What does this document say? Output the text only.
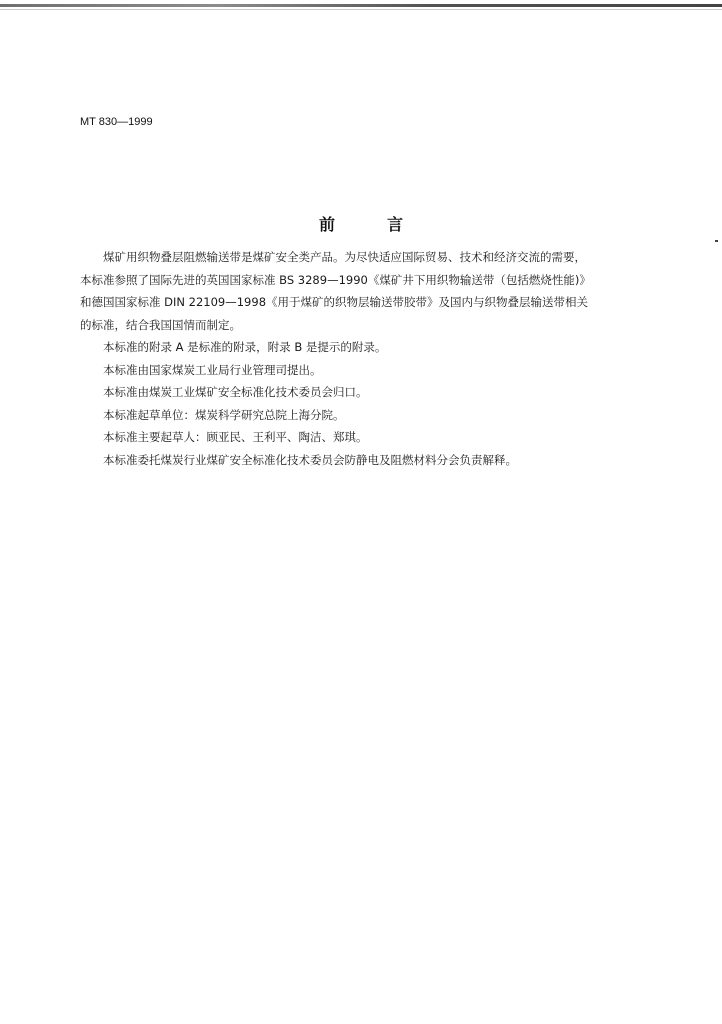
MT 830—1999
前	言

煤矿用织物叠层阻燃输送带是煤矿安全类产品。为尽快适应国际贸易、技术和经济交流的需要，

本标准参照了国际先进的英国国家标准 BS 3289—1990《煤矿井下用织物输送带（包括燃烧性能)》

和德国国家标准 DIN 22109—1998《用于煤矿的织物层输送带胶带》及国内与织物叠层输送带相关

的标准，结合我国国情而制定。

本标准的附录 A 是标准的附录，附录 B 是提示的附录。

本标准由国家煤炭工业局行业管理司提出。

本标准由煤炭工业煤矿安全标准化技术委员会归口。

本标准起草单位：煤炭科学研究总院上海分院。

本标准主要起草人：顾亚民、王利平、陶洁、郑琪。

本标准委托煤炭行业煤矿安全标准化技术委员会防静电及阻燃材料分会负责解释。
